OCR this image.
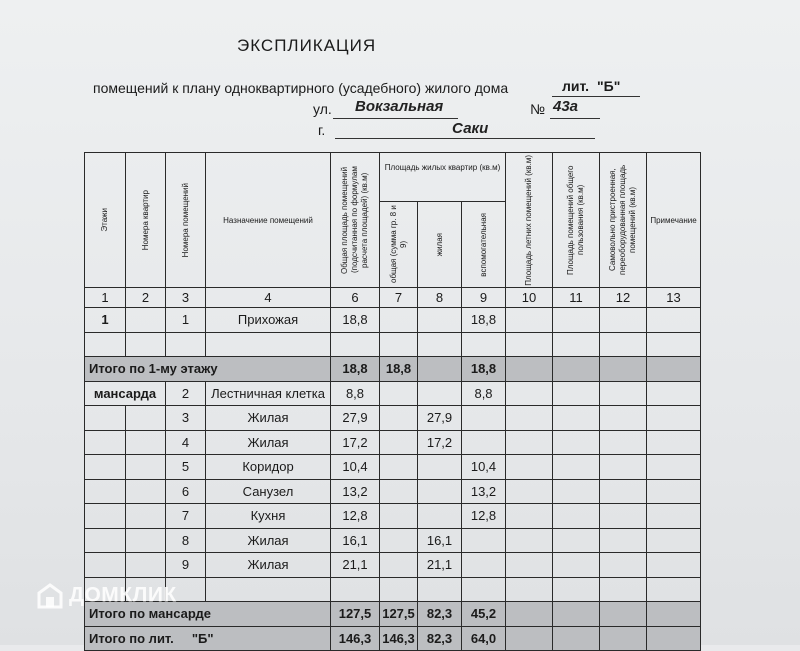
ЭКСПЛИКАЦИЯ
помещений к плану одноквартирного (усадебного) жилого дома	лит. "Б"
ул. Вокзальная	№ 43а
г.	Саки
Этажи	Номера квартир	Номера помещений	Назначение помещений	Общая площадь помещений (подсчитанная по формулам расчета площадей) (кв.м)	Площадь жилых квартир (кв.м)			Площадь летних помещений (кв.м)	Площадь помещений общего пользования (кв.м)	Самовольно пристроенная, переоборудованная площадь помещений (кв.м)	Примечание

					общая (сумма гр. 8 и 9)	жилая	вспомогательная				

1	2	3	4	6	7	8	9	10	11	12	13
1		1	Прихожая	18,8			18,8				

Итого по 1-му этажу				18,8	18,8		18,8				
мансарда		2	Лестничная клетка	8,8			8,8				
		3	Жилая	27,9		27,9					
		4	Жилая	17,2		17,2					
		5	Коридор	10,4			10,4				
		6	Санузел	13,2			13,2				
		7	Кухня	12,8			12,8				
		8	Жилая	16,1		16,1					
		9	Жилая	21,1		21,1					

Итого по мансарде				127,5	127,5	82,3	45,2				
Итого по лит. "Б"				146,3	146,3	82,3	64,0				
ДОМКЛИК
